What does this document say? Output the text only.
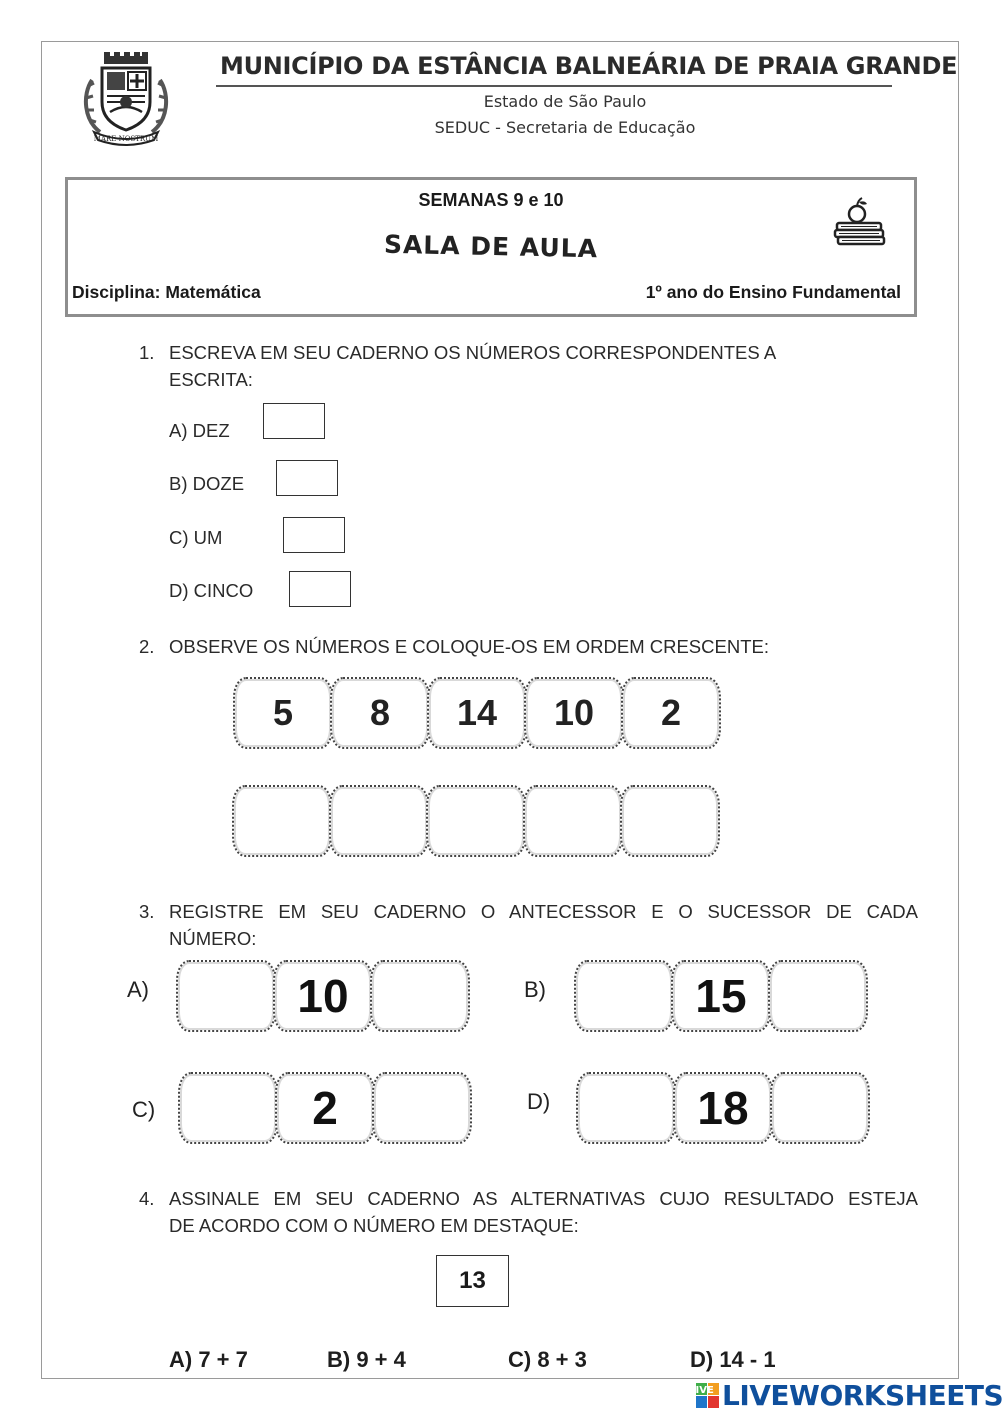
MARE NOSTRUM
MUNICÍPIO DA ESTÂNCIA BALNEÁRIA DE PRAIA GRANDE
Estado de São Paulo
SEDUC - Secretaria de Educação
SEMANAS 9 e 10
SALA DE AULA
Disciplina: Matemática	1º ano do Ensino Fundamental
1. ESCREVA EM SEU CADERNO OS NÚMEROS CORRESPONDENTES A
ESCRITA:
A) DEZ
B) DOZE
C) UM
D) CINCO
2. OBSERVE OS NÚMEROS E COLOQUE-OS EM ORDEM CRESCENTE:
5	8	14	10	2
3. REGISTRE EM SEU CADERNO O ANTECESSOR E O SUCESSOR DE CADA
NÚMERO:
A)	10	B)	15
C)	2	D)	18
4. ASSINALE EM SEU CADERNO AS ALTERNATIVAS CUJO RESULTADO ESTEJA
DE ACORDO COM O NÚMERO EM DESTAQUE:
13
A) 7 + 7	B) 9 + 4	C) 8 + 3	D) 14 - 1
LIVE LIVEWORKSHEETS
